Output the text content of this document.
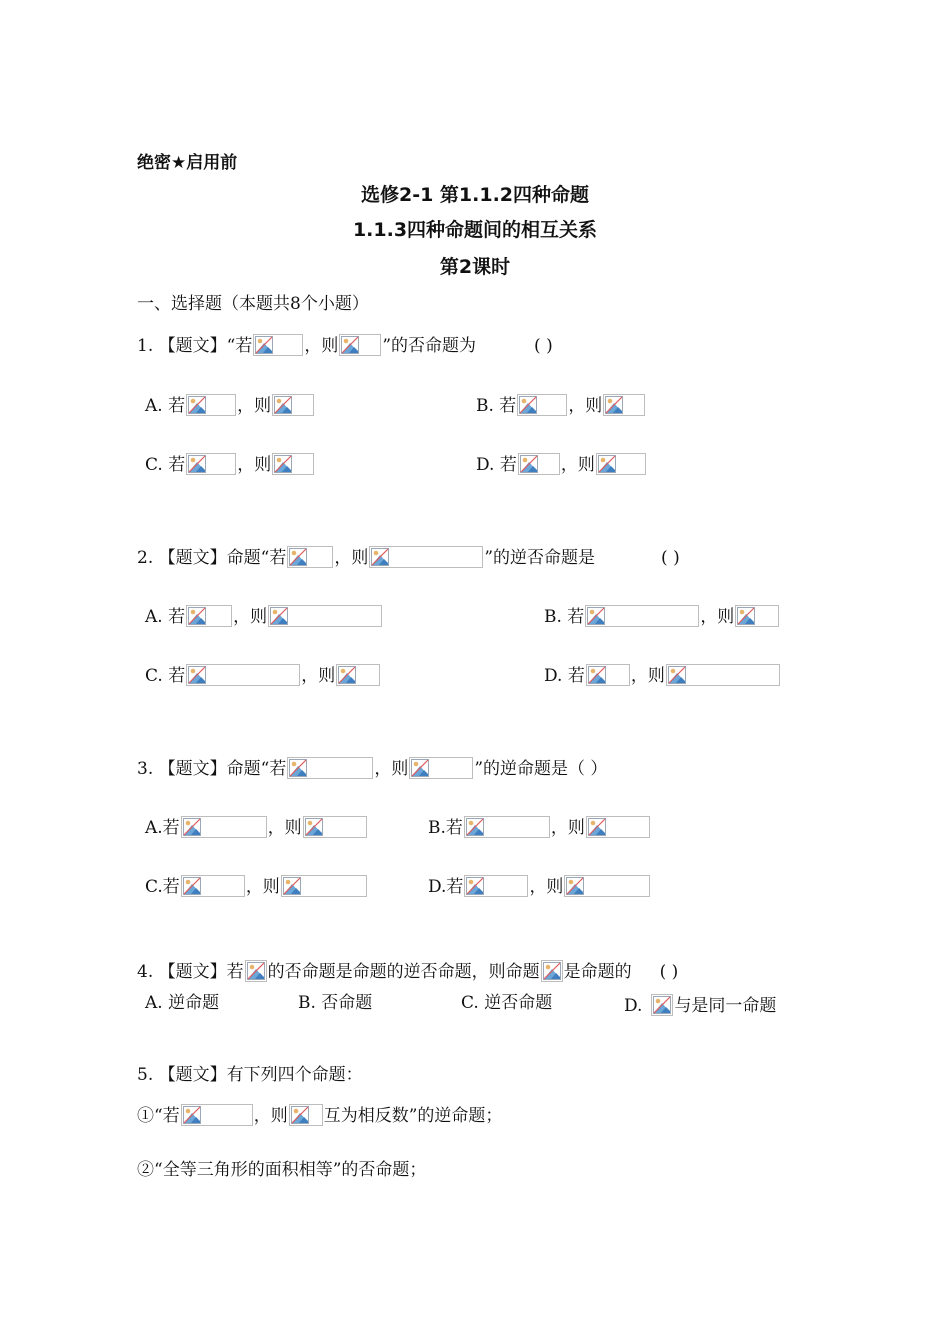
绝密★启用前
选修2-1 第1.1.2四种命题
1.1.3四种命题间的相互关系
第2课时
一、选择题（本题共8个小题）
1. 【题文】“若	，则	”的否命题为	( )
A. 若	，则	B. 若	，则
C. 若	，则	D. 若	，则
2. 【题文】命题“若	，则	”的逆否命题是	( )
A. 若	，则	B. 若	，则
C. 若	，则	D. 若	，则
3. 【题文】命题“若	，则	”的逆命题是（ ）
A.若	，则	B.若	，则
C.若	，则	D.若	，则
4. 【题文】若 的否命题是命题的逆否命题，则命题 是命题的 ( )
A. 逆命题	B. 否命题	C. 逆否命题	D. 与是同一命题
5. 【题文】有下列四个命题：
①“若	，则 互为相反数”的逆命题；
②“全等三角形的面积相等”的否命题；
